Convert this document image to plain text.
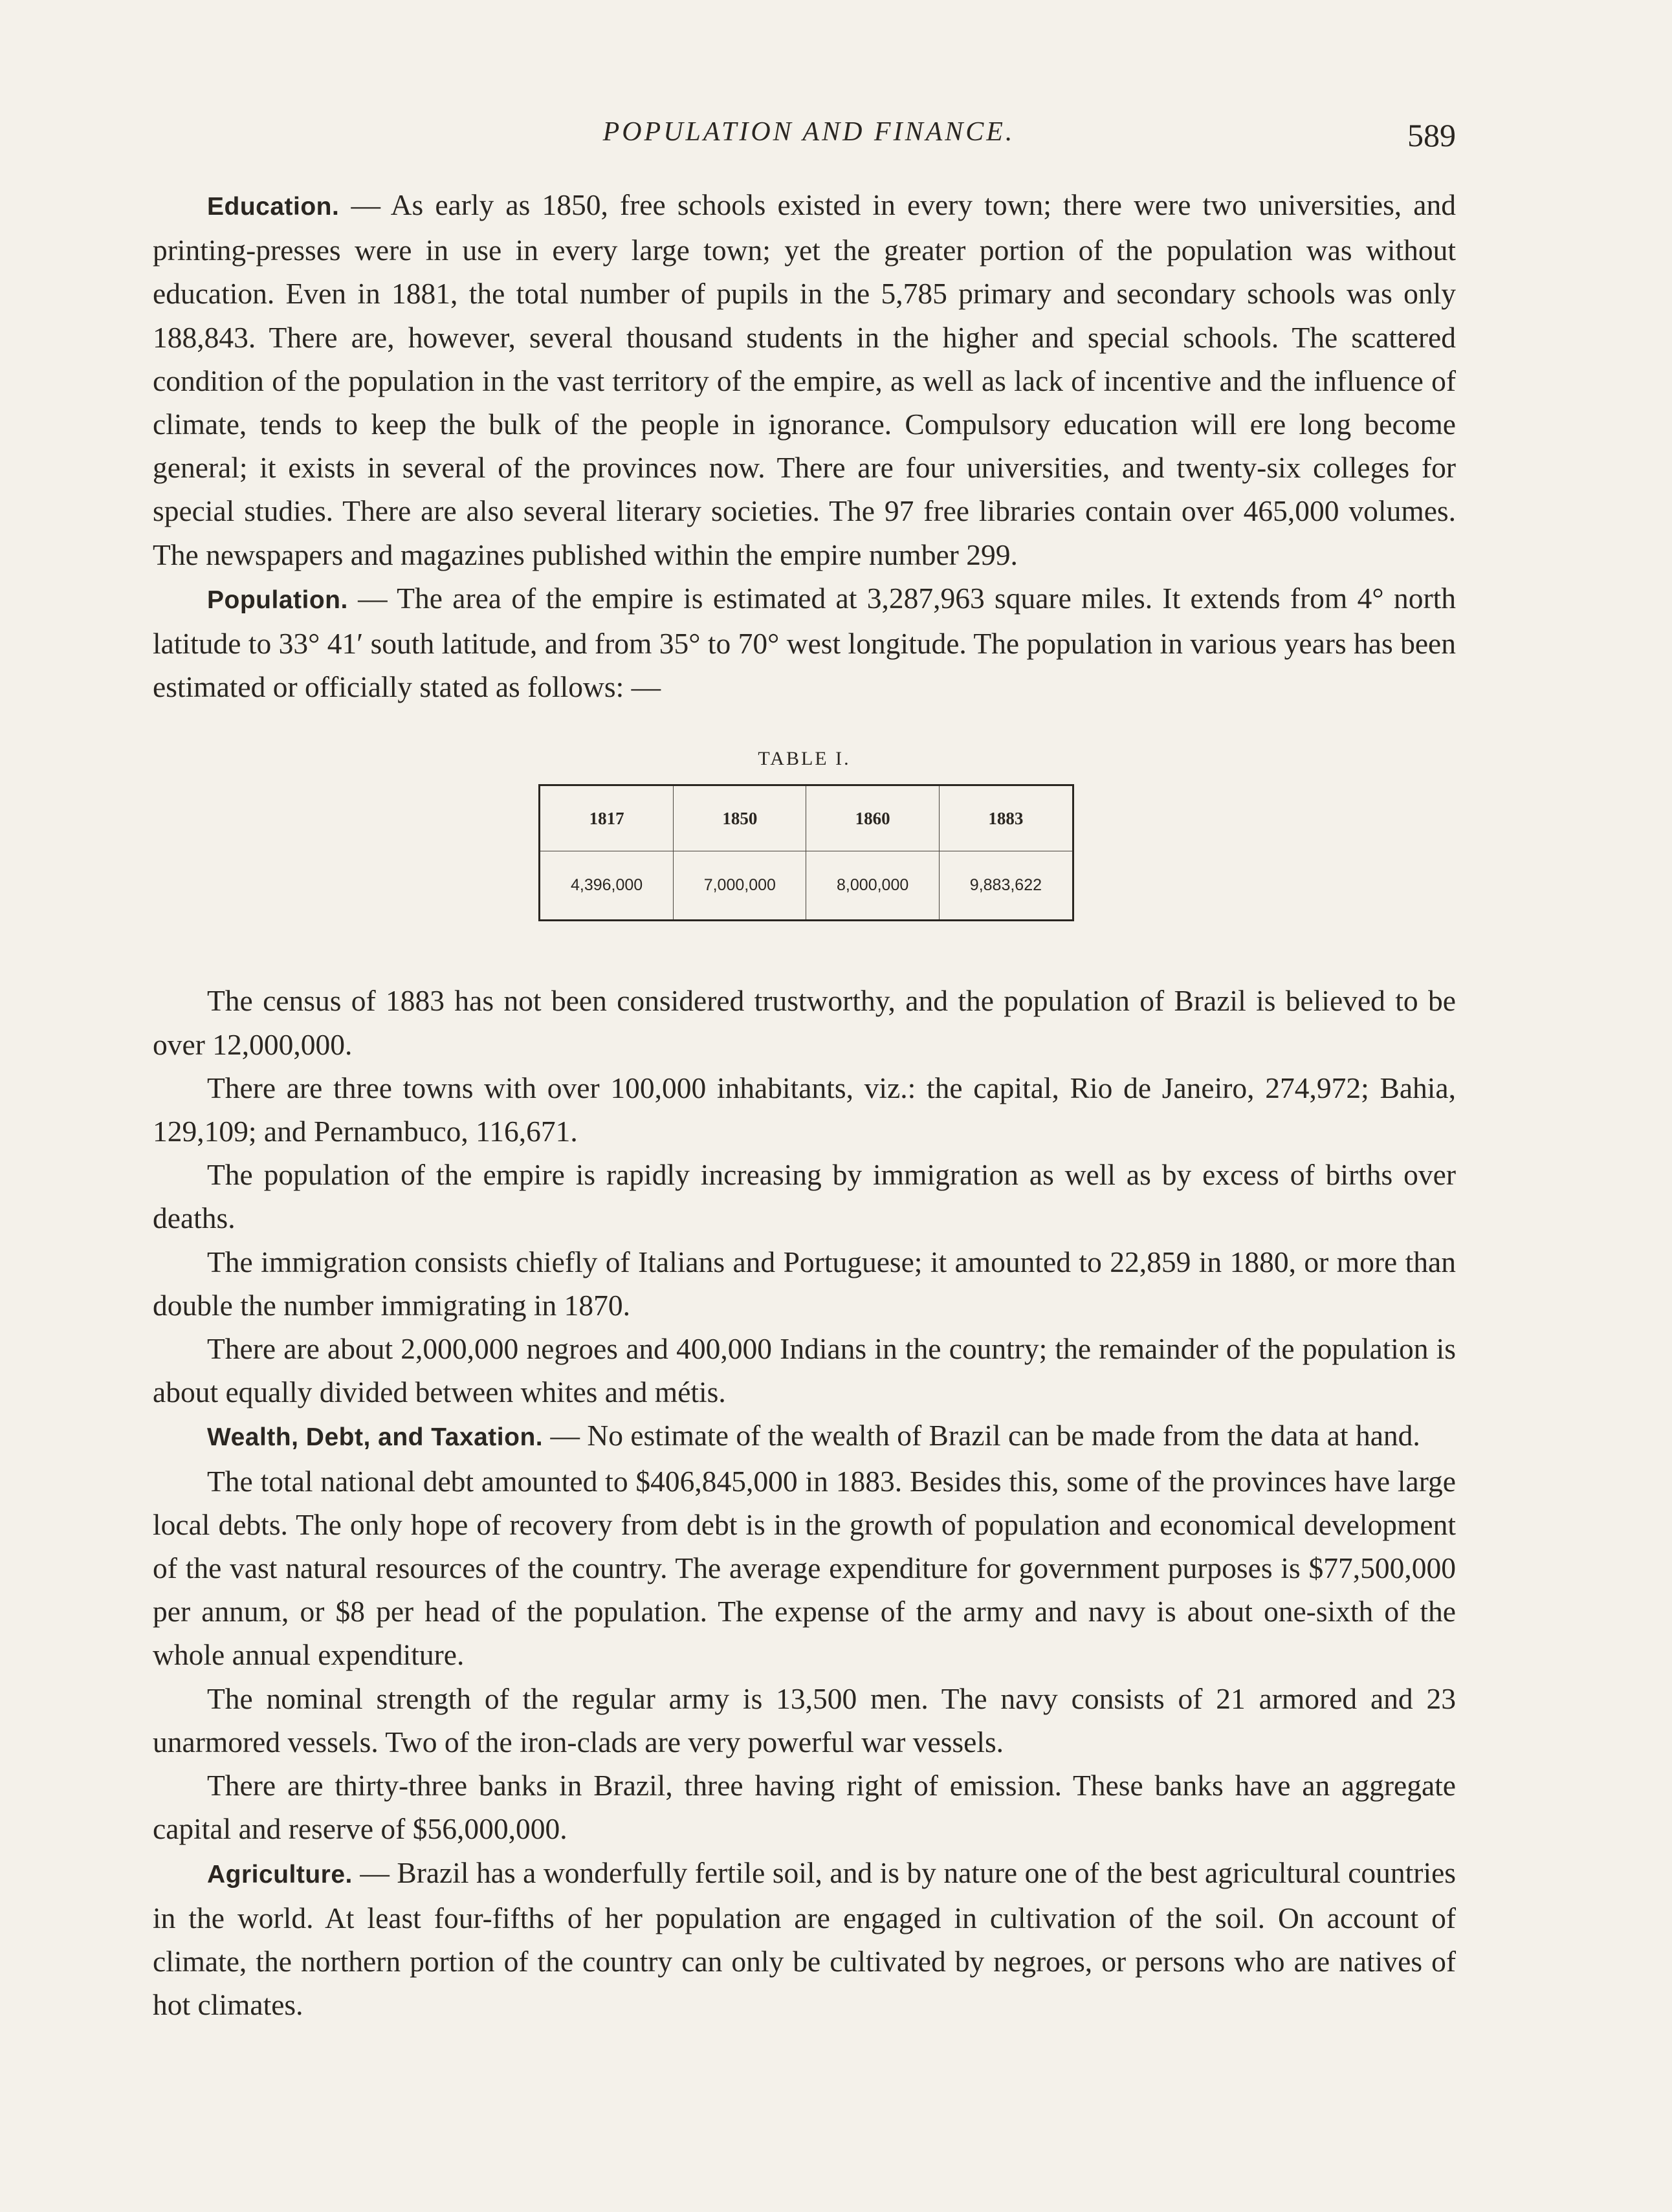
POPULATION AND FINANCE.	589

Education. — As early as 1850, free schools existed in every town; there were two universities, and printing-presses were in use in every large town; yet the greater portion of the population was without education. Even in 1881, the total number of pupils in the 5,785 primary and secondary schools was only 188,843. There are, however, several thousand students in the higher and special schools. The scattered condition of the population in the vast territory of the empire, as well as lack of incentive and the influence of climate, tends to keep the bulk of the people in ignorance. Compulsory education will ere long become general; it exists in several of the provinces now. There are four universities, and twenty-six colleges for special studies. There are also several literary societies. The 97 free libraries contain over 465,000 volumes. The newspapers and magazines published within the empire number 299.

Population. — The area of the empire is estimated at 3,287,963 square miles. It extends from 4° north latitude to 33° 41′ south latitude, and from 35° to 70° west longitude. The population in various years has been estimated or officially stated as follows: —

TABLE I.
1817	1850	1860	1883
4,396,000	7,000,000	8,000,000	9,883,622

The census of 1883 has not been considered trustworthy, and the population of Brazil is believed to be over 12,000,000.

There are three towns with over 100,000 inhabitants, viz.: the capital, Rio de Janeiro, 274,972; Bahia, 129,109; and Pernambuco, 116,671.

The population of the empire is rapidly increasing by immigration as well as by excess of births over deaths.

The immigration consists chiefly of Italians and Portuguese; it amounted to 22,859 in 1880, or more than double the number immigrating in 1870.

There are about 2,000,000 negroes and 400,000 Indians in the country; the remainder of the population is about equally divided between whites and métis.

Wealth, Debt, and Taxation. — No estimate of the wealth of Brazil can be made from the data at hand.

The total national debt amounted to $406,845,000 in 1883. Besides this, some of the provinces have large local debts. The only hope of recovery from debt is in the growth of population and economical development of the vast natural resources of the country. The average expenditure for government purposes is $77,500,000 per annum, or $8 per head of the population. The expense of the army and navy is about one-sixth of the whole annual expenditure.

The nominal strength of the regular army is 13,500 men. The navy consists of 21 armored and 23 unarmored vessels. Two of the iron-clads are very powerful war vessels.

There are thirty-three banks in Brazil, three having right of emission. These banks have an aggregate capital and reserve of $56,000,000.

Agriculture. — Brazil has a wonderfully fertile soil, and is by nature one of the best agricultural countries in the world. At least four-fifths of her population are engaged in cultivation of the soil. On account of climate, the northern portion of the country can only be cultivated by negroes, or persons who are natives of hot climates.
